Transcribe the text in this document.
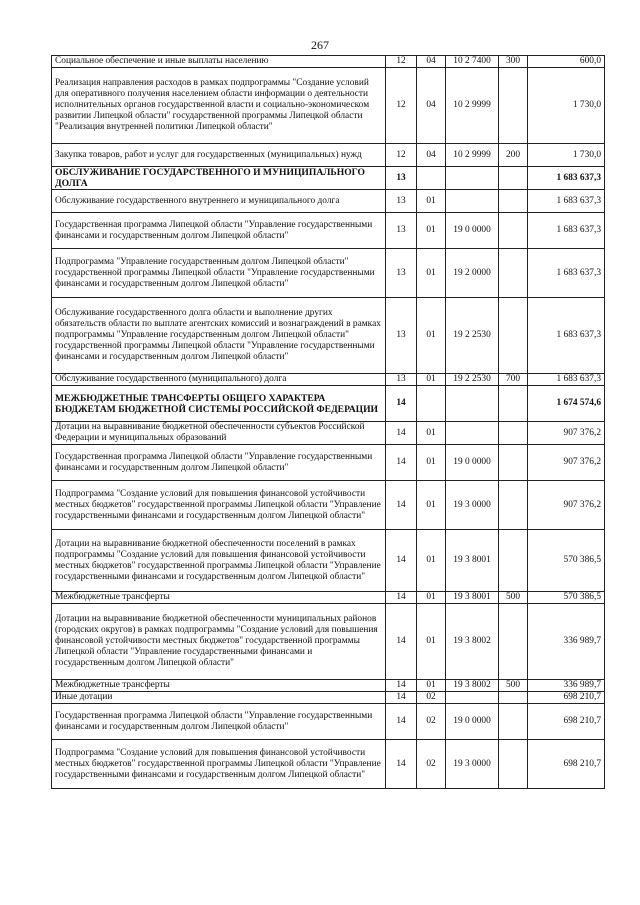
267
Социальное обеспечение и иные выплаты населению	12	04	10 2 7400	300	600,0
Реализация направления расходов в рамках подпрограммы "Создание условий для оперативного получения населением области информации о деятельности исполнительных органов государственной власти и социально-экономическом развитии Липецкой области" государственной программы Липецкой области "Реализация внутренней политики Липецкой области"	12	04	10 2 9999		1 730,0
Закупка товаров, работ и услуг для государственных (муниципальных) нужд	12	04	10 2 9999	200	1 730,0
ОБСЛУЖИВАНИЕ ГОСУДАРСТВЕННОГО И МУНИЦИПАЛЬНОГО ДОЛГА	13				1 683 637,3
Обслуживание государственного внутреннего и муниципального долга	13	01			1 683 637,3
Государственная программа Липецкой области "Управление государственными финансами и государственным долгом Липецкой области"	13	01	19 0 0000		1 683 637,3
Подпрограмма "Управление государственным долгом Липецкой области" государственной программы Липецкой области "Управление государственными финансами и государственным долгом Липецкой области"	13	01	19 2 0000		1 683 637,3
Обслуживание государственного долга области и выполнение других обязательств области по выплате агентских комиссий и вознаграждений в рамках подпрограммы "Управление государственным долгом Липецкой области" государственной программы Липецкой области "Управление государственными финансами и государственным долгом Липецкой области"	13	01	19 2 2530		1 683 637,3
Обслуживание государственного (муниципального) долга	13	01	19 2 2530	700	1 683 637,3
МЕЖБЮДЖЕТНЫЕ ТРАНСФЕРТЫ ОБЩЕГО ХАРАКТЕРА БЮДЖЕТАМ БЮДЖЕТНОЙ СИСТЕМЫ РОССИЙСКОЙ ФЕДЕРАЦИИ	14				1 674 574,6
Дотации на выравнивание бюджетной обеспеченности субъектов Российской Федерации и муниципальных образований	14	01			907 376,2
Государственная программа Липецкой области "Управление государственными финансами и государственным долгом Липецкой области"	14	01	19 0 0000		907 376,2
Подпрограмма "Создание условий для повышения финансовой устойчивости местных бюджетов" государственной программы Липецкой области "Управление государственными финансами и государственным долгом Липецкой области"	14	01	19 3 0000		907 376,2
Дотации на выравнивание бюджетной обеспеченности поселений в рамках подпрограммы "Создание условий для повышения финансовой устойчивости местных бюджетов" государственной программы Липецкой области "Управление государственными финансами и государственным долгом Липецкой области"	14	01	19 3 8001		570 386,5
Межбюджетные трансферты	14	01	19 3 8001	500	570 386,5
Дотации на выравнивание бюджетной обеспеченности муниципальных районов (городских округов) в рамках подпрограммы "Создание условий для повышения финансовой устойчивости местных бюджетов" государственной программы Липецкой области "Управление государственными финансами и государственным долгом Липецкой области"	14	01	19 3 8002		336 989,7
Межбюджетные трансферты	14	01	19 3 8002	500	336 989,7
Иные дотации	14	02			698 210,7
Государственная программа Липецкой области "Управление государственными финансами и государственным долгом Липецкой области"	14	02	19 0 0000		698 210,7
Подпрограмма "Создание условий для повышения финансовой устойчивости местных бюджетов" государственной программы Липецкой области "Управление государственными финансами и государственным долгом Липецкой области"	14	02	19 3 0000		698 210,7
